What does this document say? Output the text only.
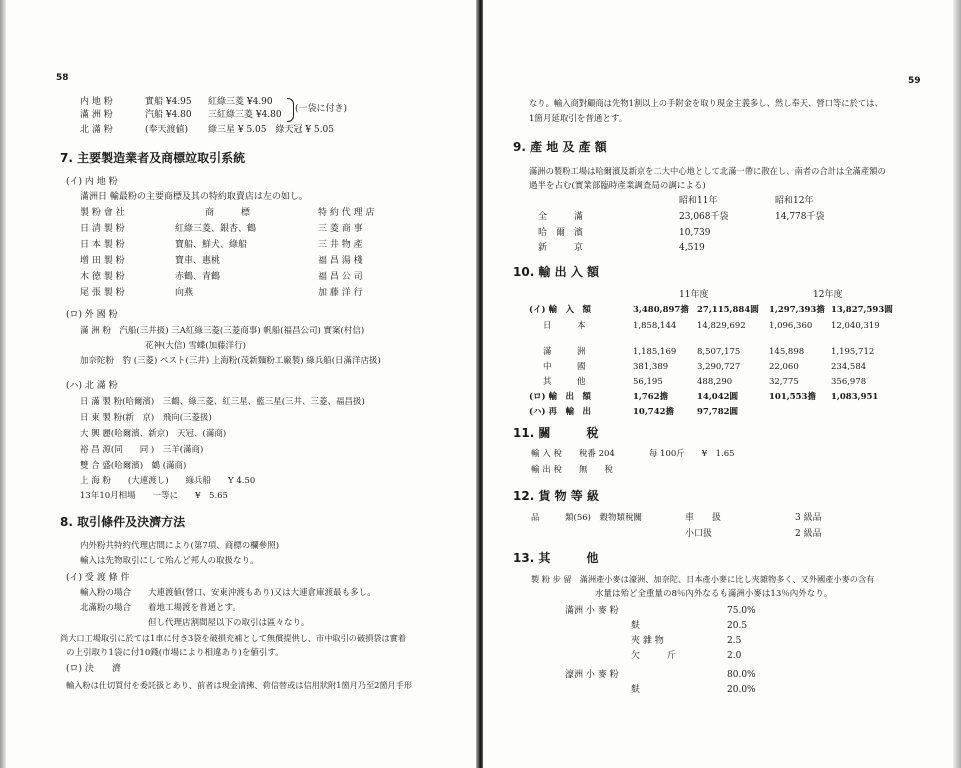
58
内 地 粉	實船 ¥4.95 紅綠三菱 ¥4.90
滿 洲 粉	汽船 ¥4.80 三紅綠三菱 ¥4.80
(一袋に付き)
北 滿 粉	(奉天渡値) 綠三星 ¥ 5.05　綠天冠 ¥ 5.05
7. 主要製造業者及商標竝取引系統
(イ) 内 地 粉
滿洲日 輸最粉の主要商標及其の特約取賣店は左の如し。
製 粉 會 社	商　　　標	特 約 代 理 店
日 清 製 粉	紅綠三菱、銀杏、鶴	三 菱 商 事
日 本 製 粉	寶船、鮮犬、綠船	三 井 物 產
增 田 製 粉	寶車、惠桃	福 昌 湯 棧
木 徳 製 粉	赤鶴、青鶴	福 昌 公 司
尾 張 製 粉	向燕	加 藤 洋 行
(ロ) 外 國 粉
滿 洲 粉　汽船(三井扱) 三A紅綠三菱(三菱商事) 帆船(福昌公司) 實案(村信)
花神(大信) 雪蝶(加藤洋行)
加奈陀粉　豹 (三菱) ペスト(三井) 上海粉(茂新麵粉工廠製) 綠兵船(日滿洋店扱)
(ハ) 北 滿 粉
日 滿 製 粉(哈爾濱)　三鶴、綠三菱、紅三星、藍三星(三井、三菱、福昌扱)
日 東 製 粉(新　京)　飛向(三菱扱)
大 興 麗(哈爾濱、新京)　天冠、(滿商)
裕 昌 源(同　　同 )　三羊(滿商)
雙 合 盛(哈爾濱)　鶴 (滿商)
上 海 粉　　(大連渡し)　　綠兵船　　Y 4.50
13年10月相場　　一等に　　¥　5.65
8. 取引條件及決濟方法
内外粉共特約代理店間により(第7項、商標の欄參照)
輸入は先物取引にして殆んど邦人の取扱なり。
(イ) 受 渡 條 件
輸入粉の場合　　大連渡値(營口、安東沖渡もあり)又は大連倉庫渡最も多し。
北滿粉の場合　　着地工場渡を普通とす。
但し代理店割間屋以下の取引は區々なり。
尚大口工場取引に於ては1車に付き3袋を破損充補として無償提供し、市中取引の破損袋は實着
の上引取り1袋に付10錢(市場により相違あり)を値引す。
(ロ) 決　　濟
輸入粉は仕切買付を委託扱とあり、前者は現金清拂、荷信替或は信用狀附1箇月乃至2箇月手形
59
なり。輸入商對顧商は先物1割以上の手附金を取り現金主義多し、然し奉天、營口等に於ては、
1箇月延取引を普通とす。
9. 產 地 及 產 額
滿洲の製粉工場は哈爾濱及新京を二大中心地として北滿一帶に散在し、南者の合計は全滿產額の
過半を占む(實業部臨時產業調查局の調による)
昭和11年	昭和12年
全　　　滿	23,068千袋	14,778千袋
哈　爾　濱	10,739
新　　　京	4,519
10. 輸 出 入 額
11年度	12年度
(イ) 輸　入　額	3,480,897擔 27,115,884圓 1,297,393擔 13,827,593圓
日　　　本	1,858,144 14,829,692	1,096,360 12,040,319
滿　　　洲	1,185,169 8,507,175	145,898	1,195,712
中　　　國	381,389	3,290,727	22,060	234,584
其　　　他	56,195	488,290	32,775	356,978
(ロ) 輸　出　額	1,762擔	14,042圓	101,553擔 1,083,951
(ハ) 再　輸　出	10,742擔	97,782圓
11. 關　　　稅
輸 入 稅　　稅番 204　　　　每 100斤　　¥　1.65
輸 出 稅　　無　　稅
12. 貨 物 等 級
品　　　類(56)　穀物類稅關	車　　扱	3 級品
小口扱	2 級品
13. 其　　　他
製 粉 步 留　滿洲產小麥は濠洲、加奈陀、日本產小麥に比し夾雜物多く、又外國產小麥の含有
水量は殆ど全重量の8％內外なるも滿洲小麥は13％內外なり。
滿洲 小 麥 粉	75.0%
麩	20.5
夾 雜 物	2.5
欠　　　斤	2.0
濠洲 小 麥 粉	80.0%
麩	20.0%
